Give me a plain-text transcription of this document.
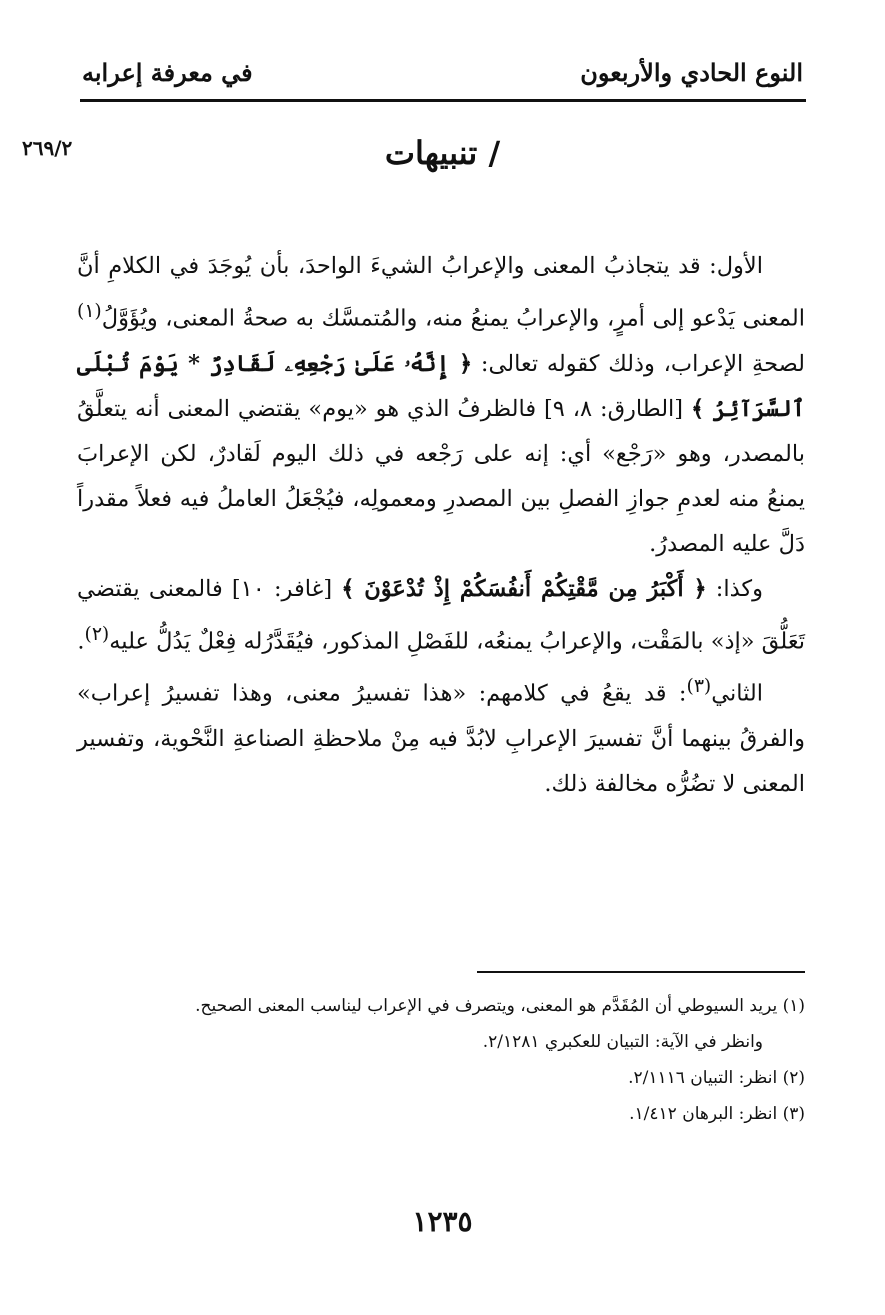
النوع الحادي والأربعون
في معرفة إعرابه
٢٦٩/٢	/ تنبيهات

الأول: قد يتجاذبُ المعنى والإعرابُ الشيءَ الواحدَ، بأن يُوجَدَ في الكلامِ أنَّ المعنى يَدْعو إلى أمرٍ، والإعرابُ يمنعُ منه، والمُتمسَّك به صحةُ المعنى، ويُؤَوَّلُ$^{(١)}$ لصحةِ الإعراب، وذلك كقوله تعالى: ﴿ إِنَّهُۥ عَلَىٰ رَجْعِهِۦ لَقَادِرٌ * يَوْمَ تُبْلَى ٱلسَّرَآئِرُ ﴾ [الطارق: ٨، ٩] فالظرفُ الذي هو «يوم» يقتضي المعنى أنه يتعلَّقُ بالمصدر، وهو «رَجْع» أي: إنه على رَجْعه في ذلك اليوم لَقادرٌ، لكن الإعرابَ يمنعُ منه لعدمِ جوازِ الفصلِ بين المصدرِ ومعمولِه، فيُجْعَلُ العاملُ فيه فعلاً مقدراً دَلَّ عليه المصدرُ.

وكذا: ﴿ أَكْبَرُ مِن مَّقْتِكُمْ أَنفُسَكُمْ إِذْ تُدْعَوْنَ ﴾ [غافر: ١٠] فالمعنى يقتضي تَعَلُّقَ «إذ» بالمَقْت، والإعرابُ يمنعُه، للفَصْلِ المذكور، فيُقَدَّرُله فِعْلٌ يَدُلُّ عليه$^{(٢)}$.

الثاني$^{(٣)}$: قد يقعُ في كلامهم: «هذا تفسيرُ معنى، وهذا تفسيرُ إعراب» والفرقُ بينهما أنَّ تفسيرَ الإعرابِ لابُدَّ فيه مِنْ ملاحظةِ الصناعةِ النَّحْوية، وتفسير المعنى لا تضُرُّه مخالفة ذلك.

(١) يريد السيوطي أن المُقَدَّم هو المعنى، ويتصرف في الإعراب ليناسب المعنى الصحيح.
وانظر في الآية: التبيان للعكبري ٢/١٢٨١.
(٢) انظر: التبيان ٢/١١١٦.
(٣) انظر: البرهان ١/٤١٢.
١٢٣٥
